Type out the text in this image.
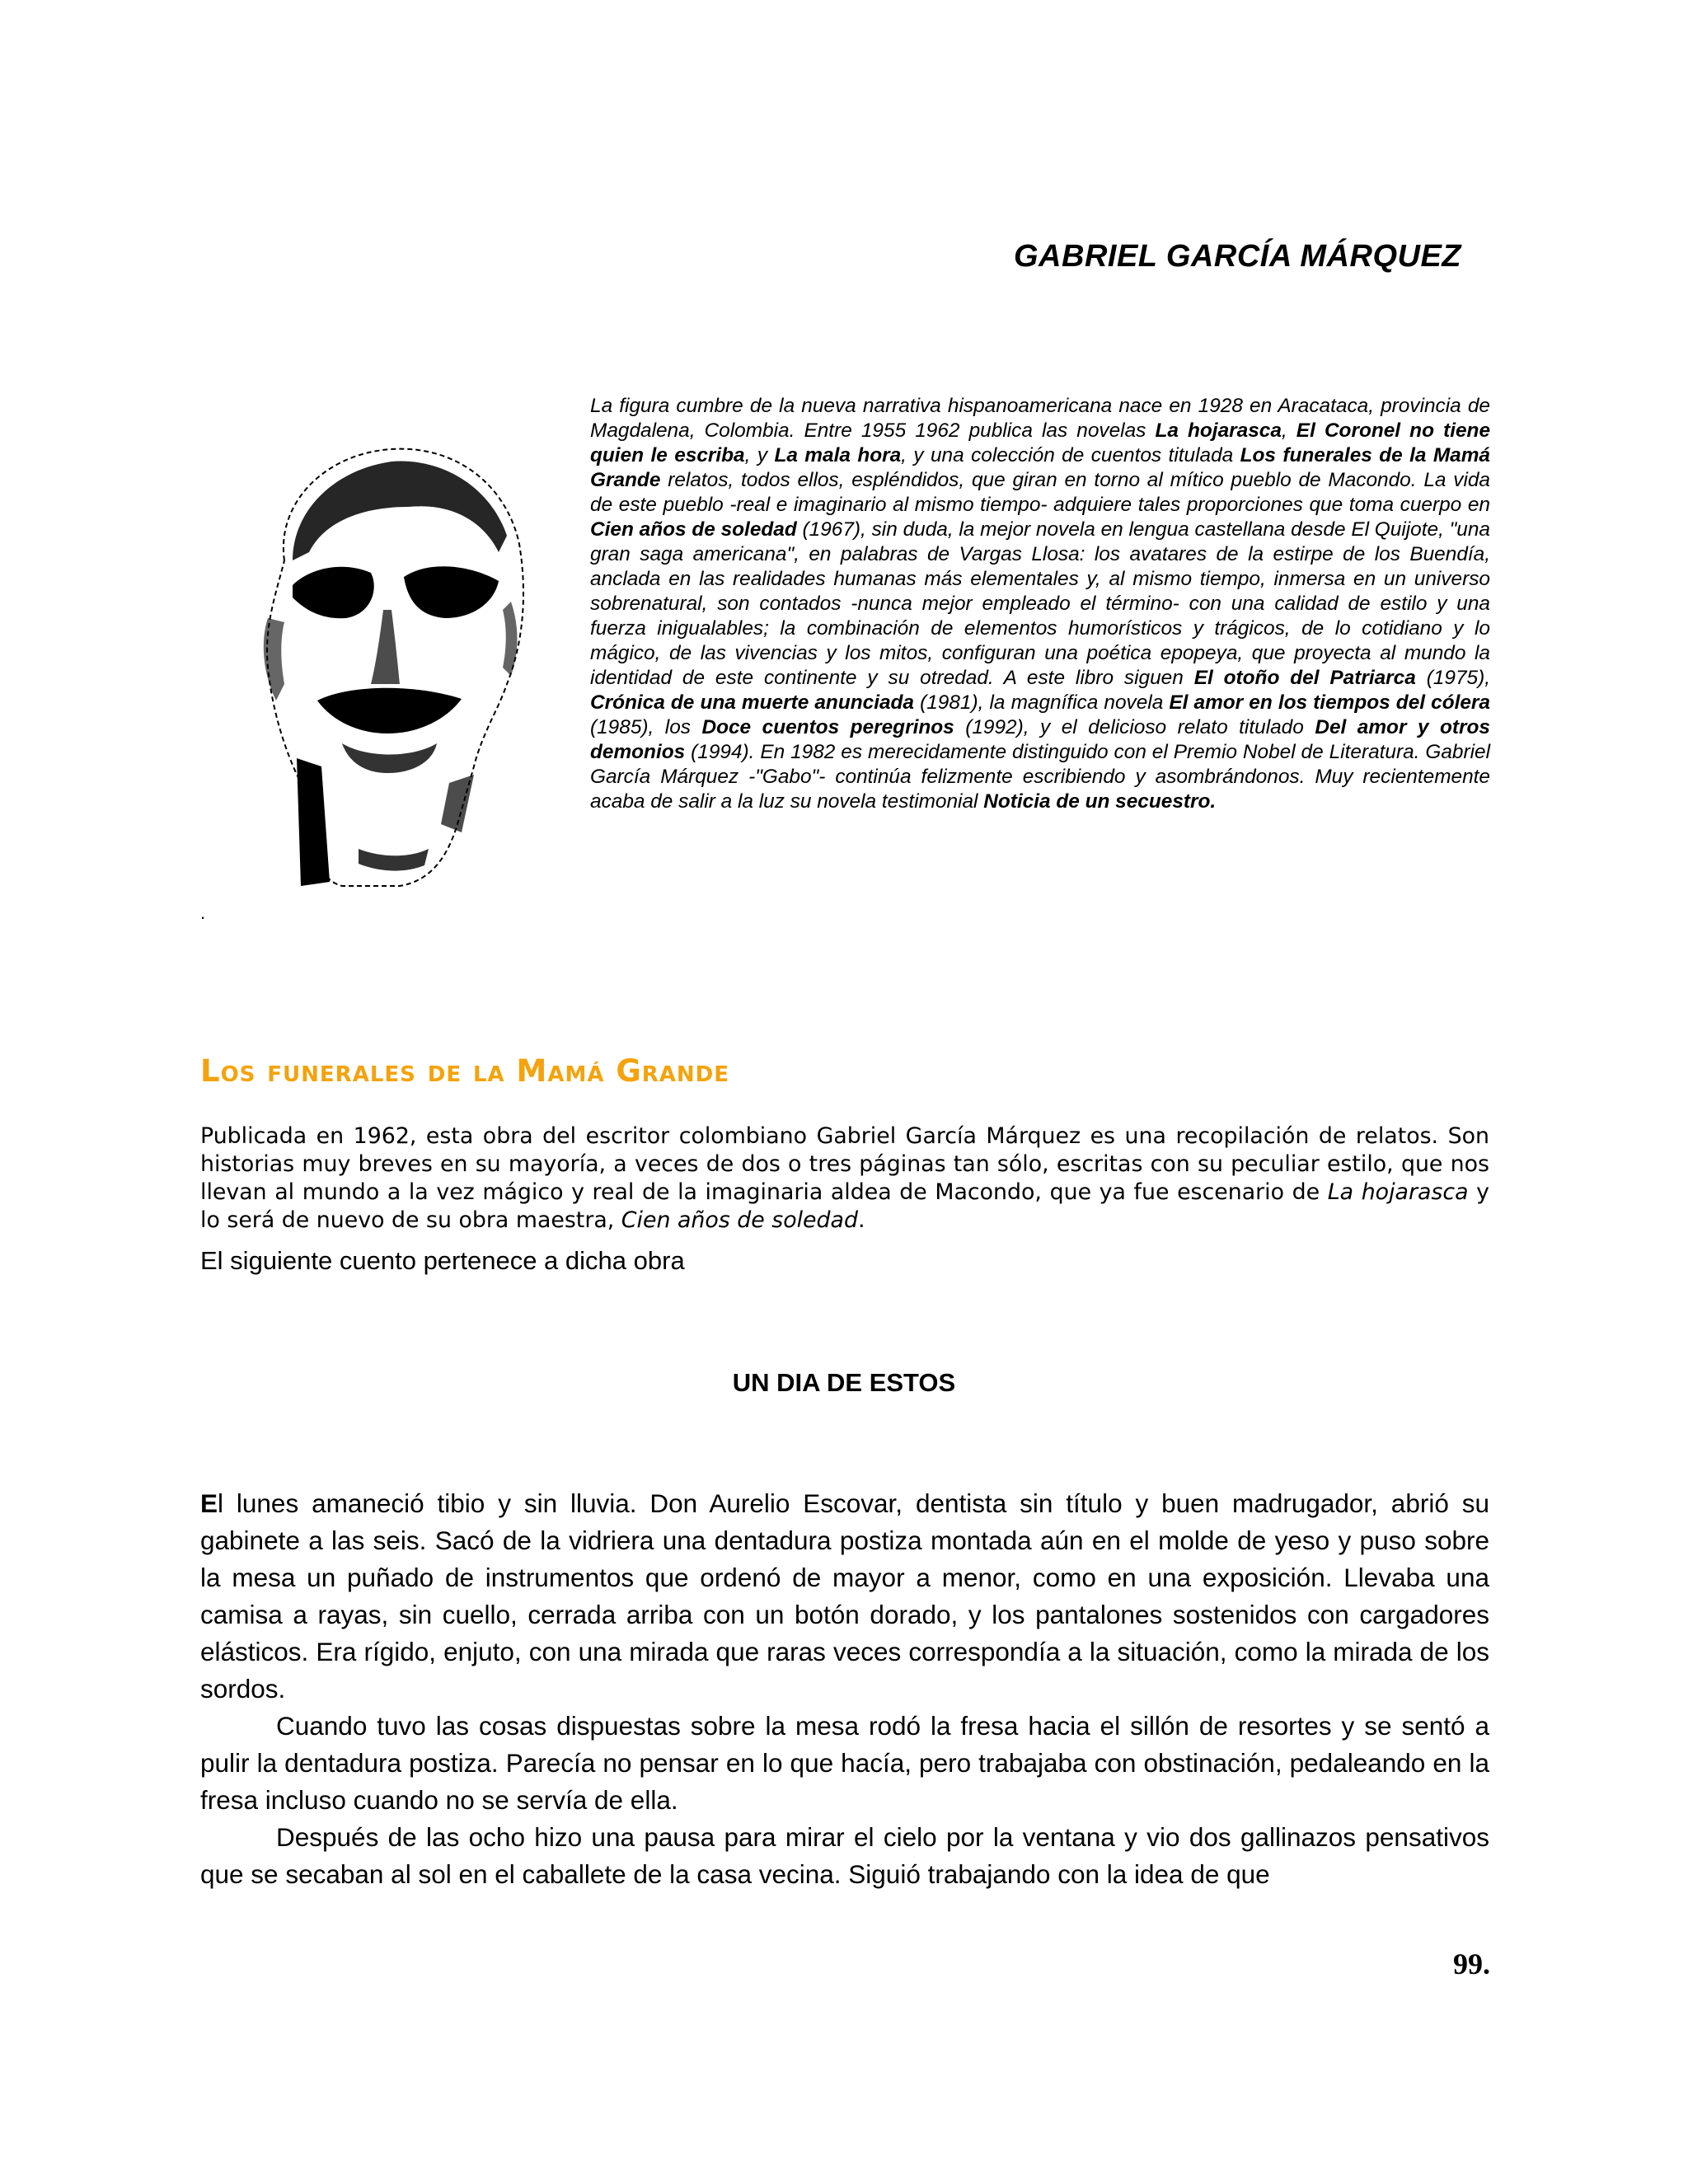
GABRIEL GARCÍA MÁRQUEZ
.

La figura cumbre de la nueva narrativa hispanoamericana nace en 1928 en Aracataca, provincia de Magdalena, Colombia. Entre 1955 1962 publica las novelas La hojarasca, El Coronel no tiene quien le escriba, y La mala hora, y una colección de cuentos titulada Los funerales de la Mamá Grande relatos, todos ellos, espléndidos, que giran en torno al mítico pueblo de Macondo. La vida de este pueblo -real e imaginario al mismo tiempo- adquiere tales proporciones que toma cuerpo en Cien años de soledad (1967), sin duda, la mejor novela en lengua castellana desde El Quijote, "una gran saga americana", en palabras de Vargas Llosa: los avatares de la estirpe de los Buendía, anclada en las realidades humanas más elementales y, al mismo tiempo, inmersa en un universo sobrenatural, son contados -nunca mejor empleado el término- con una calidad de estilo y una fuerza inigualables; la combinación de elementos humorísticos y trágicos, de lo cotidiano y lo mágico, de las vivencias y los mitos, configuran una poética epopeya, que proyecta al mundo la identidad de este continente y su otredad. A este libro siguen El otoño del Patriarca (1975), Crónica de una muerte anunciada (1981), la magnífica novela El amor en los tiempos del cólera (1985), los Doce cuentos peregrinos (1992), y el delicioso relato titulado Del amor y otros demonios (1994). En 1982 es merecidamente distinguido con el Premio Nobel de Literatura. Gabriel García Márquez -"Gabo"- continúa felizmente escribiendo y asombrándonos. Muy recientemente acaba de salir a la luz su novela testimonial Noticia de un secuestro.

Los funerales de la Mamá Grande

Publicada en 1962, esta obra del escritor colombiano Gabriel García Márquez es una recopilación de relatos. Son historias muy breves en su mayoría, a veces de dos o tres páginas tan sólo, escritas con su peculiar estilo, que nos llevan al mundo a la vez mágico y real de la imaginaria aldea de Macondo, que ya fue escenario de La hojarasca y lo será de nuevo de su obra maestra, Cien años de soledad.

El siguiente cuento pertenece a dicha obra
UN DIA DE ESTOS

El lunes amaneció tibio y sin lluvia. Don Aurelio Escovar, dentista sin título y buen madrugador, abrió su gabinete a las seis. Sacó de la vidriera una dentadura postiza montada aún en el molde de yeso y puso sobre la mesa un puñado de instrumentos que ordenó de mayor a menor, como en una exposición. Llevaba una camisa a rayas, sin cuello, cerrada arriba con un botón dorado, y los pantalones sostenidos con cargadores elásticos. Era rígido, enjuto, con una mirada que raras veces correspondía a la situación, como la mirada de los sordos.

Cuando tuvo las cosas dispuestas sobre la mesa rodó la fresa hacia el sillón de resortes y se sentó a pulir la dentadura postiza. Parecía no pensar en lo que hacía, pero trabajaba con obstinación, pedaleando en la fresa incluso cuando no se servía de ella.

Después de las ocho hizo una pausa para mirar el cielo por la ventana y vio dos gallinazos pensativos que se secaban al sol en el caballete de la casa vecina. Siguió trabajando con la idea de que

99.
